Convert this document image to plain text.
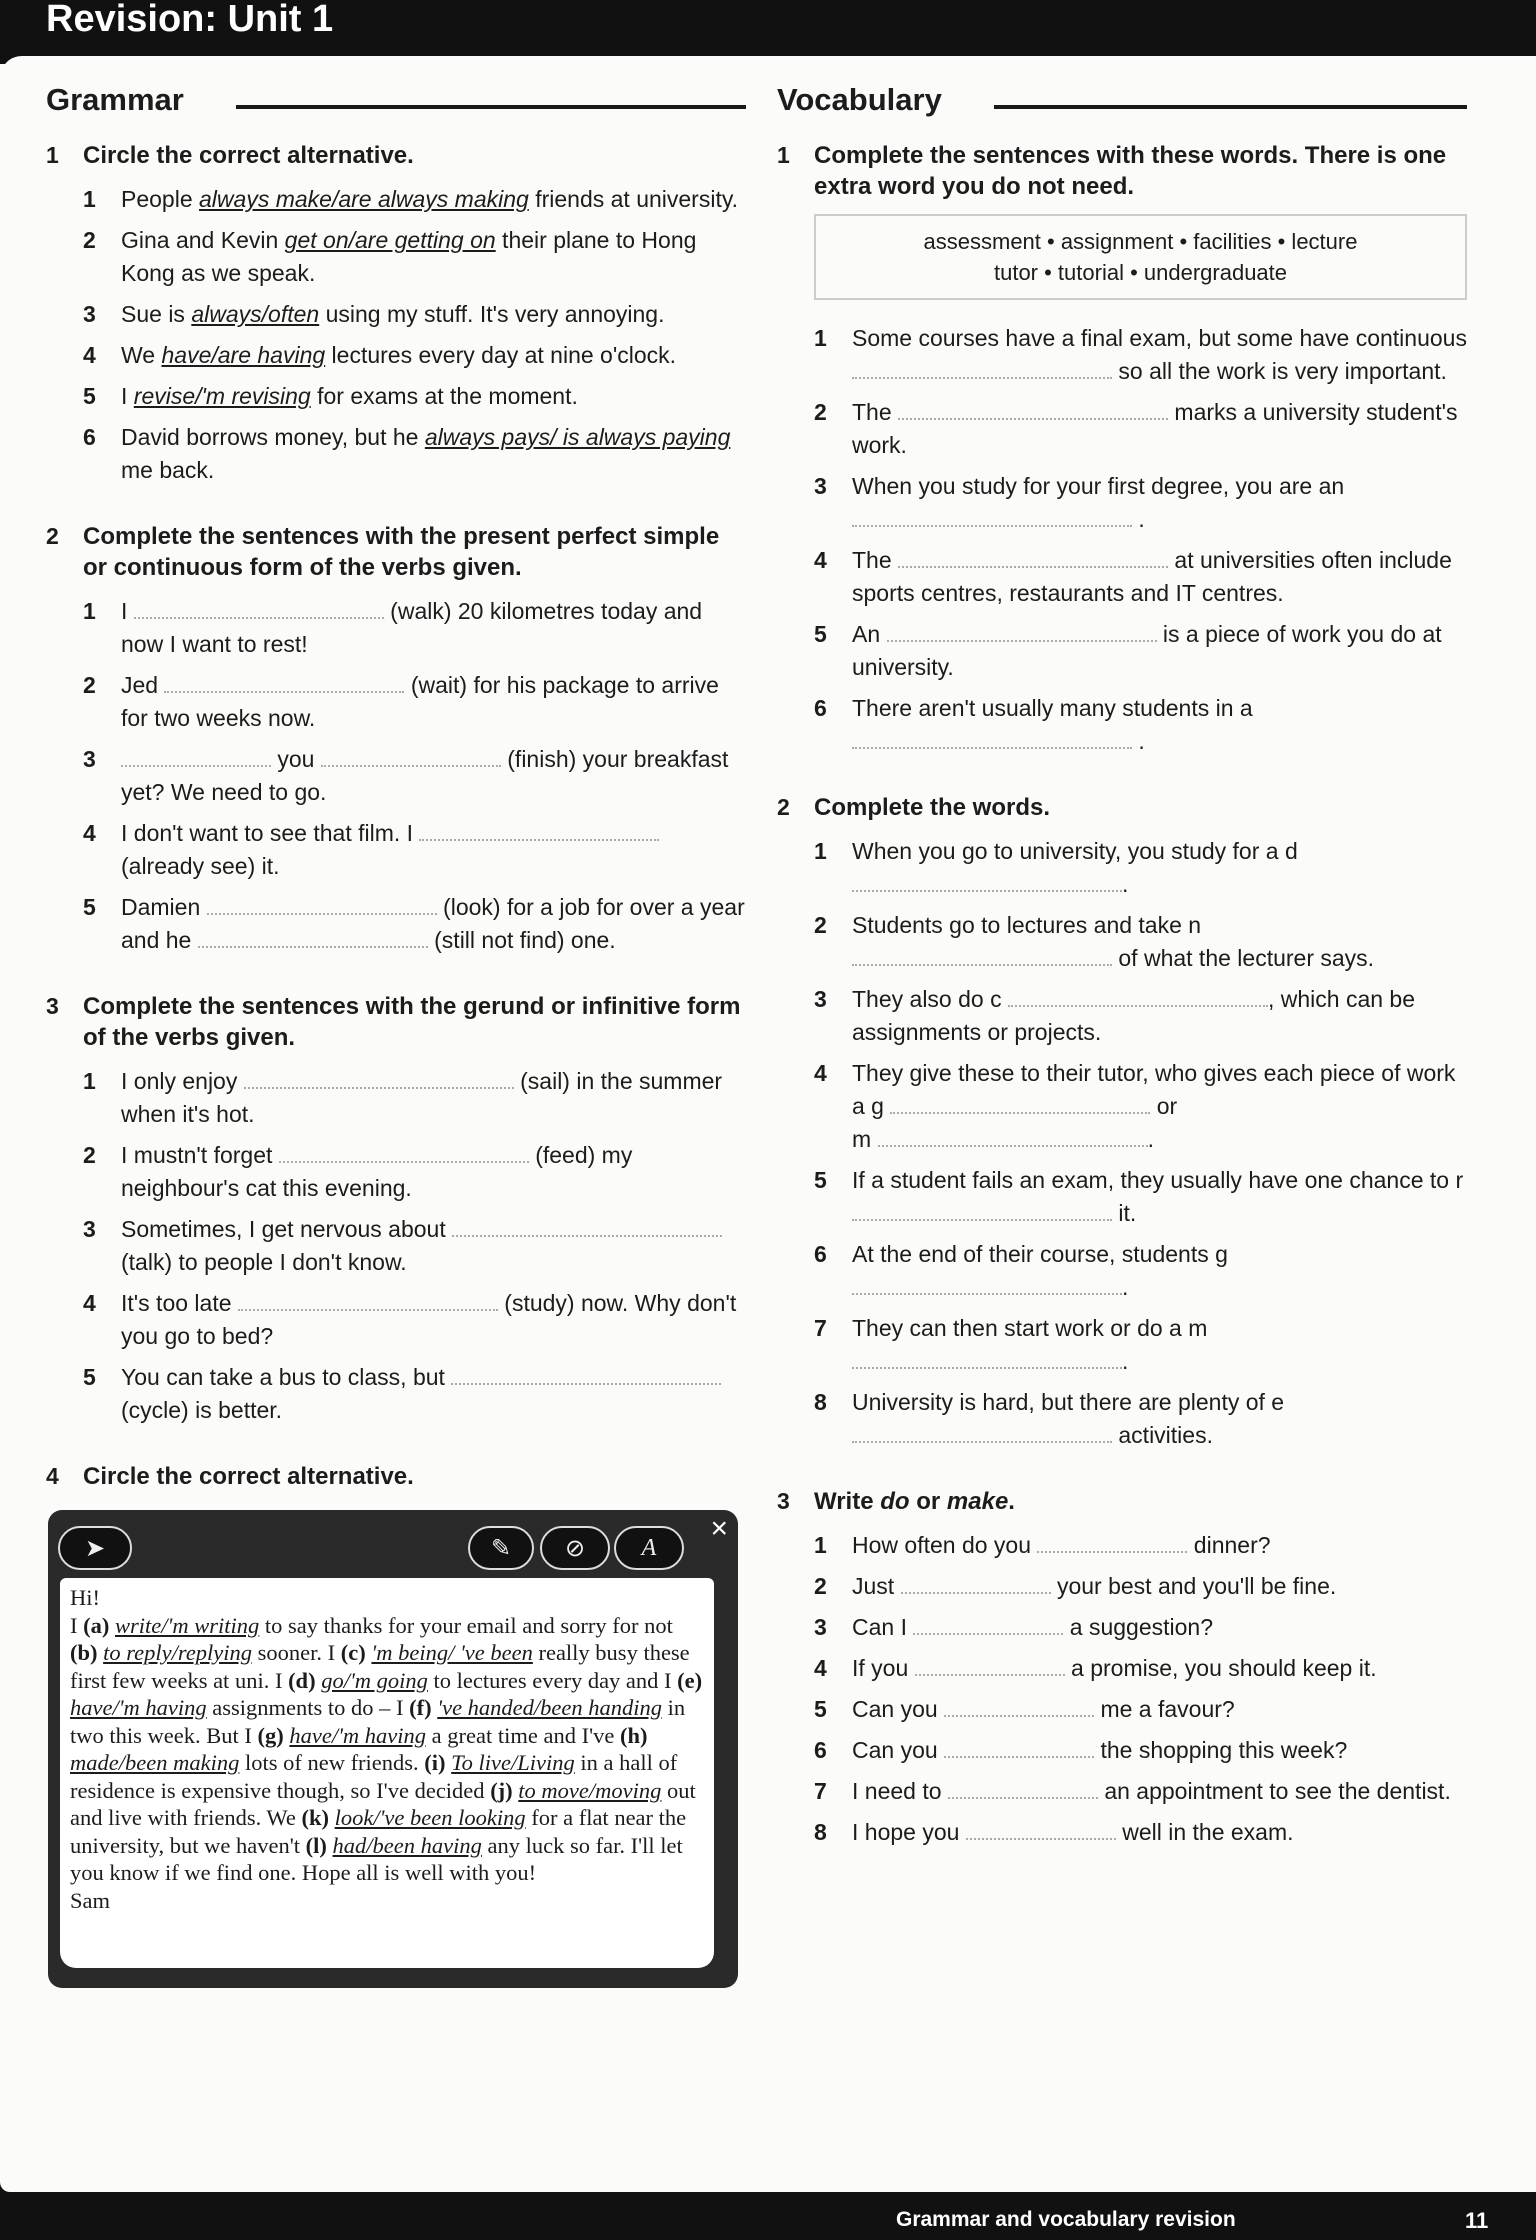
Revision: Unit 1
Grammar
1 Circle the correct alternative.
1 People always make/are always making friends at university.
2 Gina and Kevin get on/are getting on their plane to Hong Kong as we speak.
3 Sue is always/often using my stuff. It's very annoying.
4 We have/are having lectures every day at nine o'clock.
5 I revise/'m revising for exams at the moment.
6 David borrows money, but he always pays/ is always paying me back.
2 Complete the sentences with the present perfect simple or continuous form of the verbs given.
1 I	(walk) 20 kilometres today and now I want to rest!
2 Jed	(wait) for his package to arrive for two weeks now.
3	you	(finish) your breakfast yet? We need to go.
4 I don't want to see that film. I  (already see) it.
5 Damien	(look) for a job for over a year and he	(still not find) one.
3 Complete the sentences with the gerund or infinitive form of the verbs given.
1 I only enjoy	(sail) in the summer when it's hot.
2 I mustn't forget	(feed) my neighbour's cat this evening.
3 Sometimes, I get nervous about  (talk) to people I don't know.
4 It's too late	(study) now. Why don't you go to bed?
5 You can take a bus to class, but  (cycle) is better.
4 Circle the correct alternative.
➤	✎ ⊘ A
×
Hi!
I (a) write/'m writing to say thanks for your email and sorry for not (b) to reply/replying sooner. I (c) 'm being/ 've been really busy these first few weeks at uni. I (d) go/'m going to lectures every day and I (e) have/'m having assignments to do – I (f) 've handed/been handing in two this week. But I (g) have/'m having a great time and I've (h) made/been making lots of new friends. (i) To live/Living in a hall of residence is expensive though, so I've decided (j) to move/moving out and live with friends. We (k) look/'ve been looking for a flat near the university, but we haven't (l) had/been having any luck so far. I'll let you know if we find one. Hope all is well with you!
Sam
Vocabulary
1 Complete the sentences with these words. There is one extra word you do not need.
assessment • assignment • facilities • lecture
tutor • tutorial • undergraduate
1 Some courses have a final exam, but some have continuous  so all the work is very important.
2 The	marks a university student's work.
3 When you study for your first degree, you are an  .
4 The	at universities often include sports centres, restaurants and IT centres.
5 An	is a piece of work you do at university.
6 There aren't usually many students in a  .
2 Complete the words.
1 When you go to university, you study for a d.
2 Students go to lectures and take n  of what the lecturer says.
3 They also do c	, which can be assignments or projects.
4 They give these to their tutor, who gives each piece of work a g	or
m	.
5 If a student fails an exam, they usually have one chance to r  it.
6 At the end of their course, students g .
7 They can then start work or do a m .
8 University is hard, but there are plenty of e  activities.
3 Write do or make.
1 How often do you	dinner?
2 Just	your best and you'll be fine.
3 Can I	a suggestion?
4 If you	a promise, you should keep it.
5 Can you	me a favour?
6 Can you	the shopping this week?
7 I need to	an appointment to see the dentist.
8 I hope you	well in the exam.
Grammar and vocabulary revision	11
